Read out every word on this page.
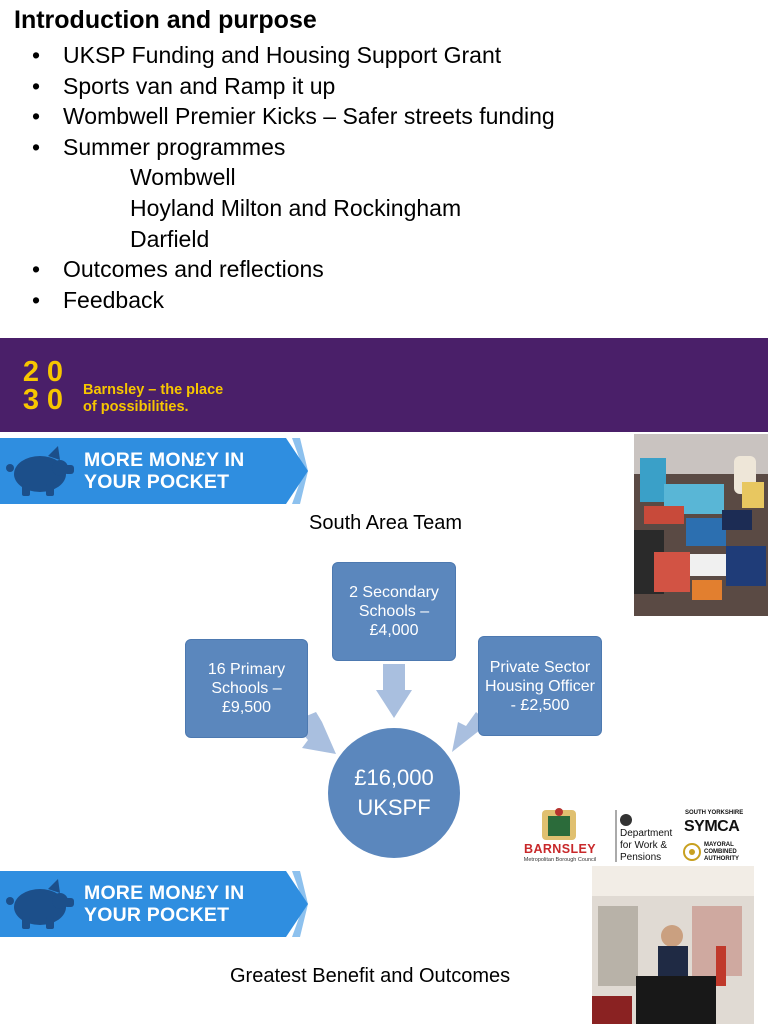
Introduction and purpose
• UKSP Funding and Housing Support Grant
• Sports van and Ramp it up
• Wombwell Premier Kicks – Safer streets funding
• Summer programmes
Wombwell
Hoyland Milton and Rockingham
Darfield
• Outcomes and reflections
• Feedback
2 0
3 0 Barnsley – the place
of possibilities.
MORE MON£Y IN
YOUR POCKET
South Area Team
16 Primary Schools – £9,500
2 Secondary Schools – £4,000
Private Sector Housing Officer - £2,500
£16,000
UKSPF
BARNSLEY
Metropolitan Borough Council
Department
for Work &
Pensions
SOUTH YORKSHIRE
SYMCA
MAYORAL
COMBINED
AUTHORITY
MORE MON£Y IN
YOUR POCKET
Greatest Benefit and Outcomes
